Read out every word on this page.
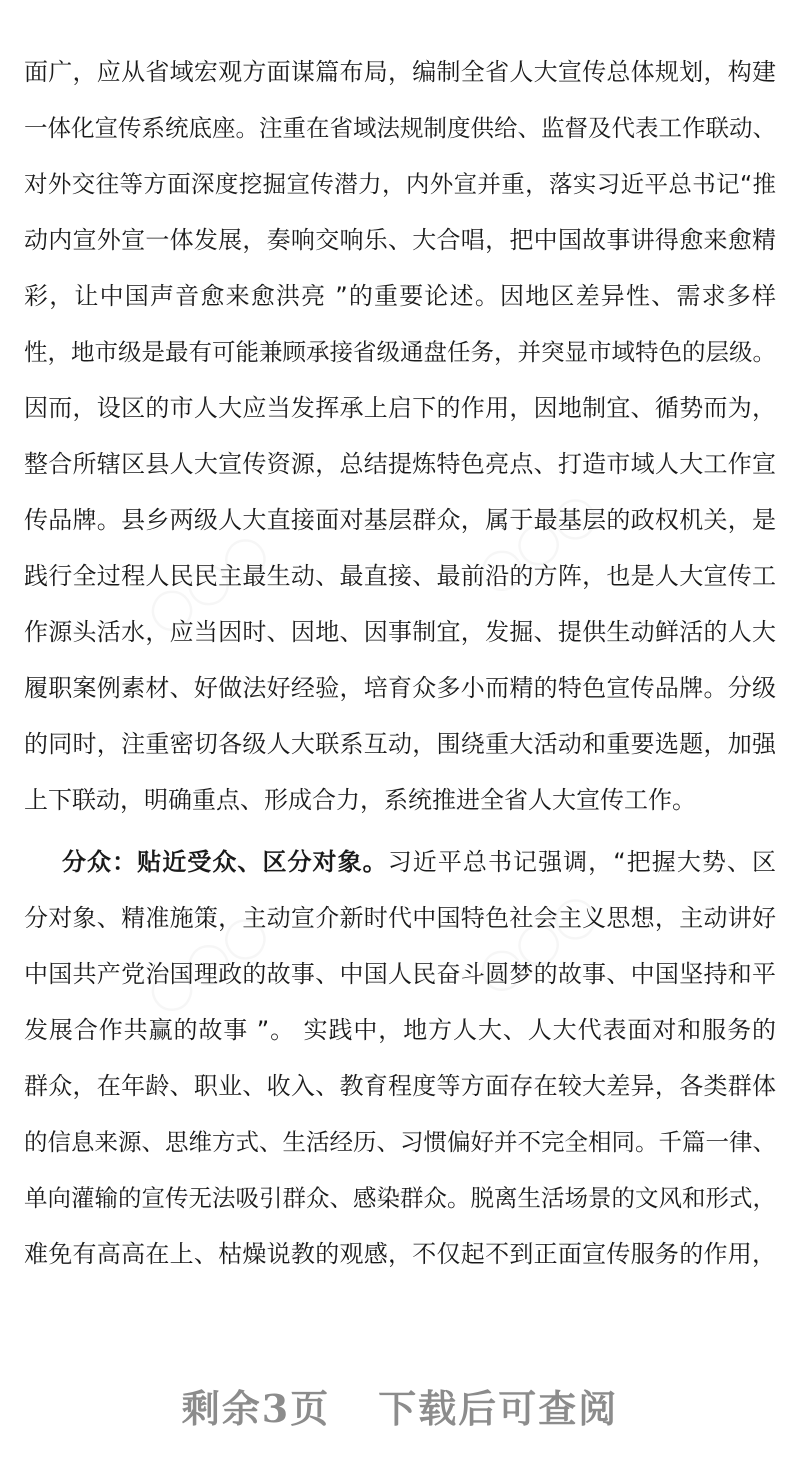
面广，应从省域宏观方面谋篇布局，编制全省人大宣传总体规划，构建
一体化宣传系统底座。注重在省域法规制度供给、监督及代表工作联动、
对外交往等方面深度挖掘宣传潜力，内外宣并重，落实习近平总书记“推
动内宣外宣一体发展，奏响交响乐、大合唱，把中国故事讲得愈来愈精
彩，让中国声音愈来愈洪亮 ”的重要论述。因地区差异性、需求多样
性，地市级是最有可能兼顾承接省级通盘任务，并突显市域特色的层级。
因而，设区的市人大应当发挥承上启下的作用，因地制宜、循势而为，
整合所辖区县人大宣传资源，总结提炼特色亮点、打造市域人大工作宣
传品牌。县乡两级人大直接面对基层群众，属于最基层的政权机关，是
践行全过程人民民主最生动、最直接、最前沿的方阵，也是人大宣传工
作源头活水，应当因时、因地、因事制宜，发掘、提供生动鲜活的人大
履职案例素材、好做法好经验，培育众多小而精的特色宣传品牌。分级
的同时，注重密切各级人大联系互动，围绕重大活动和重要选题，加强
上下联动，明确重点、形成合力，系统推进全省人大宣传工作。
分众：贴近受众、区分对象。习近平总书记强调，“把握大势、区
分对象、精准施策，主动宣介新时代中国特色社会主义思想，主动讲好
中国共产党治国理政的故事、中国人民奋斗圆梦的故事、中国坚持和平
发展合作共赢的故事 ”。 实践中，地方人大、人大代表面对和服务的
群众，在年龄、职业、收入、教育程度等方面存在较大差异，各类群体
的信息来源、思维方式、生活经历、习惯偏好并不完全相同。千篇一律、
单向灌输的宣传无法吸引群众、感染群众。脱离生活场景的文风和形式，
难免有高高在上、枯燥说教的观感，不仅起不到正面宣传服务的作用，
剩余3页 下载后可查阅
